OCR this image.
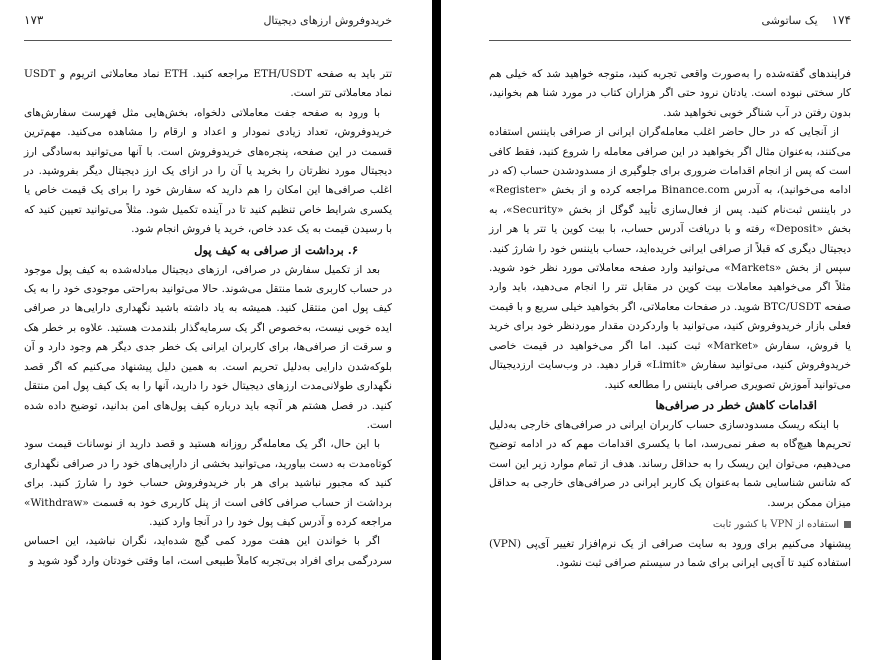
خریدوفروش ارزهای دیجیتال
۱۷۳

تتر باید به صفحه ETH/USDT مراجعه کنید. ETH نماد معاملاتی اتریوم و USDT نماد معاملاتی تتر است.

با ورود به صفحه جفت معاملاتی دلخواه، بخش‌هایی مثل فهرست سفارش‌های خریدوفروش، تعداد زیادی نمودار و اعداد و ارقام را مشاهده می‌کنید. مهم‌ترین قسمت در این صفحه، پنجره‌های خریدوفروش است. با آنها می‌توانید به‌سادگی ارز دیجیتال مورد نظرتان را بخرید یا آن را در ازای یک ارز دیجیتال دیگر بفروشید. در اغلب صرافی‌ها این امکان را هم دارید که سفارش خود را برای یک قیمت خاص یا یکسری شرایط خاص تنظیم کنید تا در آینده تکمیل شود. مثلاً می‌توانید تعیین کنید که با رسیدن قیمت به یک عدد خاص، خرید یا فروش انجام شود.

۶. برداشت از صرافی به کیف پول

بعد از تکمیل سفارش در صرافی، ارزهای دیجیتال مبادله‌شده به کیف پول موجود در حساب کاربری شما منتقل می‌شوند. حالا می‌توانید به‌راحتی موجودی خود را به یک کیف پول امن منتقل کنید. همیشه به یاد داشته باشید نگهداری دارایی‌ها در صرافی ایده خوبی نیست، به‌خصوص اگر یک سرمایه‌گذار بلندمدت هستید. علاوه بر خطر هک و سرقت از صرافی‌ها، برای کاربران ایرانی یک خطر جدی دیگر هم وجود دارد و آن بلوکه‌شدن دارایی به‌دلیل تحریم است. به همین دلیل پیشنهاد می‌کنیم که اگر قصد نگهداری طولانی‌مدت ارزهای دیجیتال خود را دارید، آنها را به یک کیف پول امن منتقل کنید. در فصل هشتم هر آنچه باید درباره کیف پول‌های امن بدانید، توضیح داده شده است.

با این حال، اگر یک معامله‌گر روزانه هستید و قصد دارید از نوسانات قیمت سود کوتاه‌مدت به دست بیاورید، می‌توانید بخشی از دارایی‌های خود را در صرافی نگهداری کنید که مجبور نباشید برای هر بار خریدوفروش حساب خود را شارژ کنید. برای برداشت از حساب صرافی کافی است از پنل کاربری خود به قسمت «Withdraw» مراجعه کرده و آدرس کیف پول خود را در آنجا وارد کنید.

اگر با خواندن این هفت مورد کمی گیج شده‌اید، نگران نباشید، این احساس سردرگمی برای افراد بی‌تجربه کاملاً طبیعی است، اما وقتی خودتان وارد گود شوید و

۱۷۴    یک ساتوشی

فرایندهای گفته‌شده را به‌صورت واقعی تجربه کنید، متوجه خواهید شد که خیلی هم کار سختی نبوده است. یادتان نرود حتی اگر هزاران کتاب در مورد شنا هم بخوانید، بدون رفتن در آب شناگر خوبی نخواهید شد.

از آنجایی که در حال حاضر اغلب معامله‌گران ایرانی از صرافی بایننس استفاده می‌کنند، به‌عنوان مثال اگر بخواهید در این صرافی معامله را شروع کنید، فقط کافی است که پس از انجام اقدامات ضروری برای جلوگیری از مسدودشدن حساب (که در ادامه می‌خوانید)، به آدرس Binance.com مراجعه کرده و از بخش «Register» در بایننس ثبت‌نام کنید. پس از فعال‌سازی تأیید گوگل از بخش «Security»، به بخش «Deposit» رفته و با دریافت آدرس حساب، با بیت کوین یا تتر یا هر ارز دیجیتال دیگری که قبلاً از صرافی ایرانی خریده‌اید، حساب بایننس خود را شارژ کنید. سپس از بخش «Markets» می‌توانید وارد صفحه معاملاتی مورد نظر خود شوید. مثلاً اگر می‌خواهید معاملات بیت کوین در مقابل تتر را انجام می‌دهید، باید وارد صفحه BTC/USDT شوید. در صفحات معاملاتی، اگر بخواهید خیلی سریع و با قیمت فعلی بازار خریدوفروش کنید، می‌توانید با واردکردن مقدار موردنظر خود برای خرید یا فروش، سفارش «Market» ثبت کنید. اما اگر می‌خواهید در قیمت خاصی خریدوفروش کنید، می‌توانید سفارش «Limit» قرار دهید. در وب‌سایت ارزدیجیتال می‌توانید آموزش تصویری صرافی بایننس را مطالعه کنید.

اقدامات کاهش خطر در صرافی‌ها

با اینکه ریسک مسدودسازی حساب کاربران ایرانی در صرافی‌های خارجی به‌دلیل تحریم‌ها هیچ‌گاه به صفر نمی‌رسد، اما با یکسری اقدامات مهم که در ادامه توضیح می‌دهیم، می‌توان این ریسک را به حداقل رساند. هدف از تمام موارد زیر این است که شانس شناسایی شما به‌عنوان یک کاربر ایرانی در صرافی‌های خارجی به حداقل میزان ممکن برسد.

استفاده از VPN با کشور ثابت

پیشنهاد می‌کنیم برای ورود به سایت صرافی از یک نرم‌افزار تغییر آی‌پی (VPN) استفاده کنید تا آی‌پی ایرانی برای شما در سیستم صرافی ثبت نشود.
